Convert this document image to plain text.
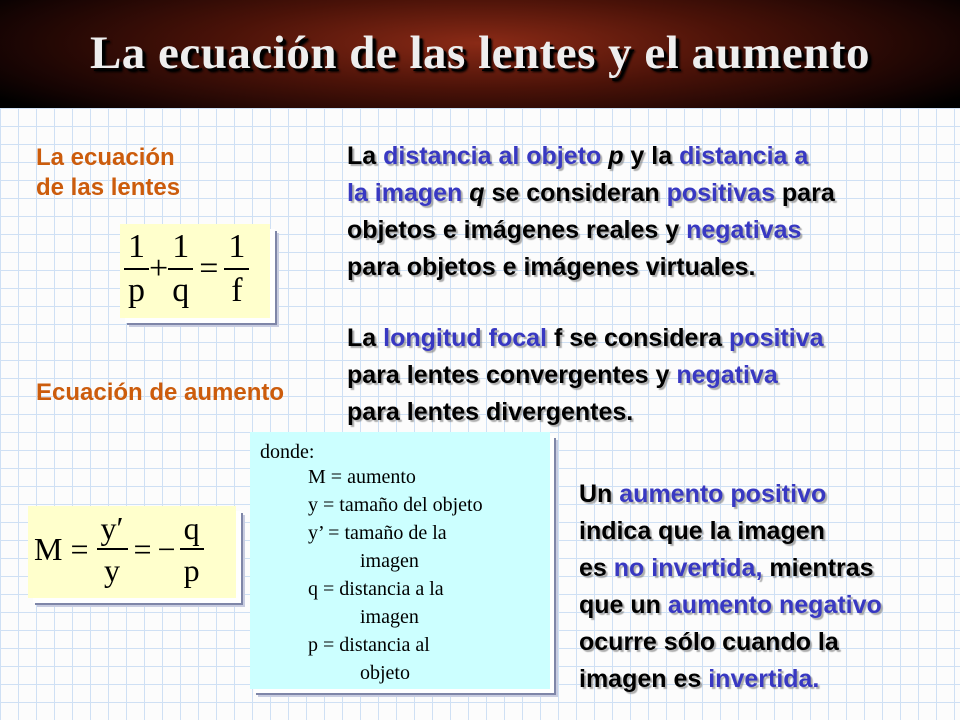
La ecuación de las lentes y el aumento
La ecuación
de las lentes
Ecuación de aumento
$\frac{1}{p} + \frac{1}{q} = \frac{1}{f}$
$M = \frac{y'}{y}$ = − $\frac{q}{p}$
La distancia al objeto p y la distancia a
la imagen q se consideran positivas para
objetos e imágenes reales y negativas
para objetos e imágenes virtuales.
La longitud focal f se considera positiva
para lentes convergentes y negativa
para lentes divergentes.
donde:
M = aumento
y = tamaño del objeto
y’ = tamaño de la
imagen
q = distancia a la
imagen
p = distancia al
objeto
Un aumento positivo
indica que la imagen
es no invertida, mientras
que un aumento negativo
ocurre sólo cuando la
imagen es invertida.
